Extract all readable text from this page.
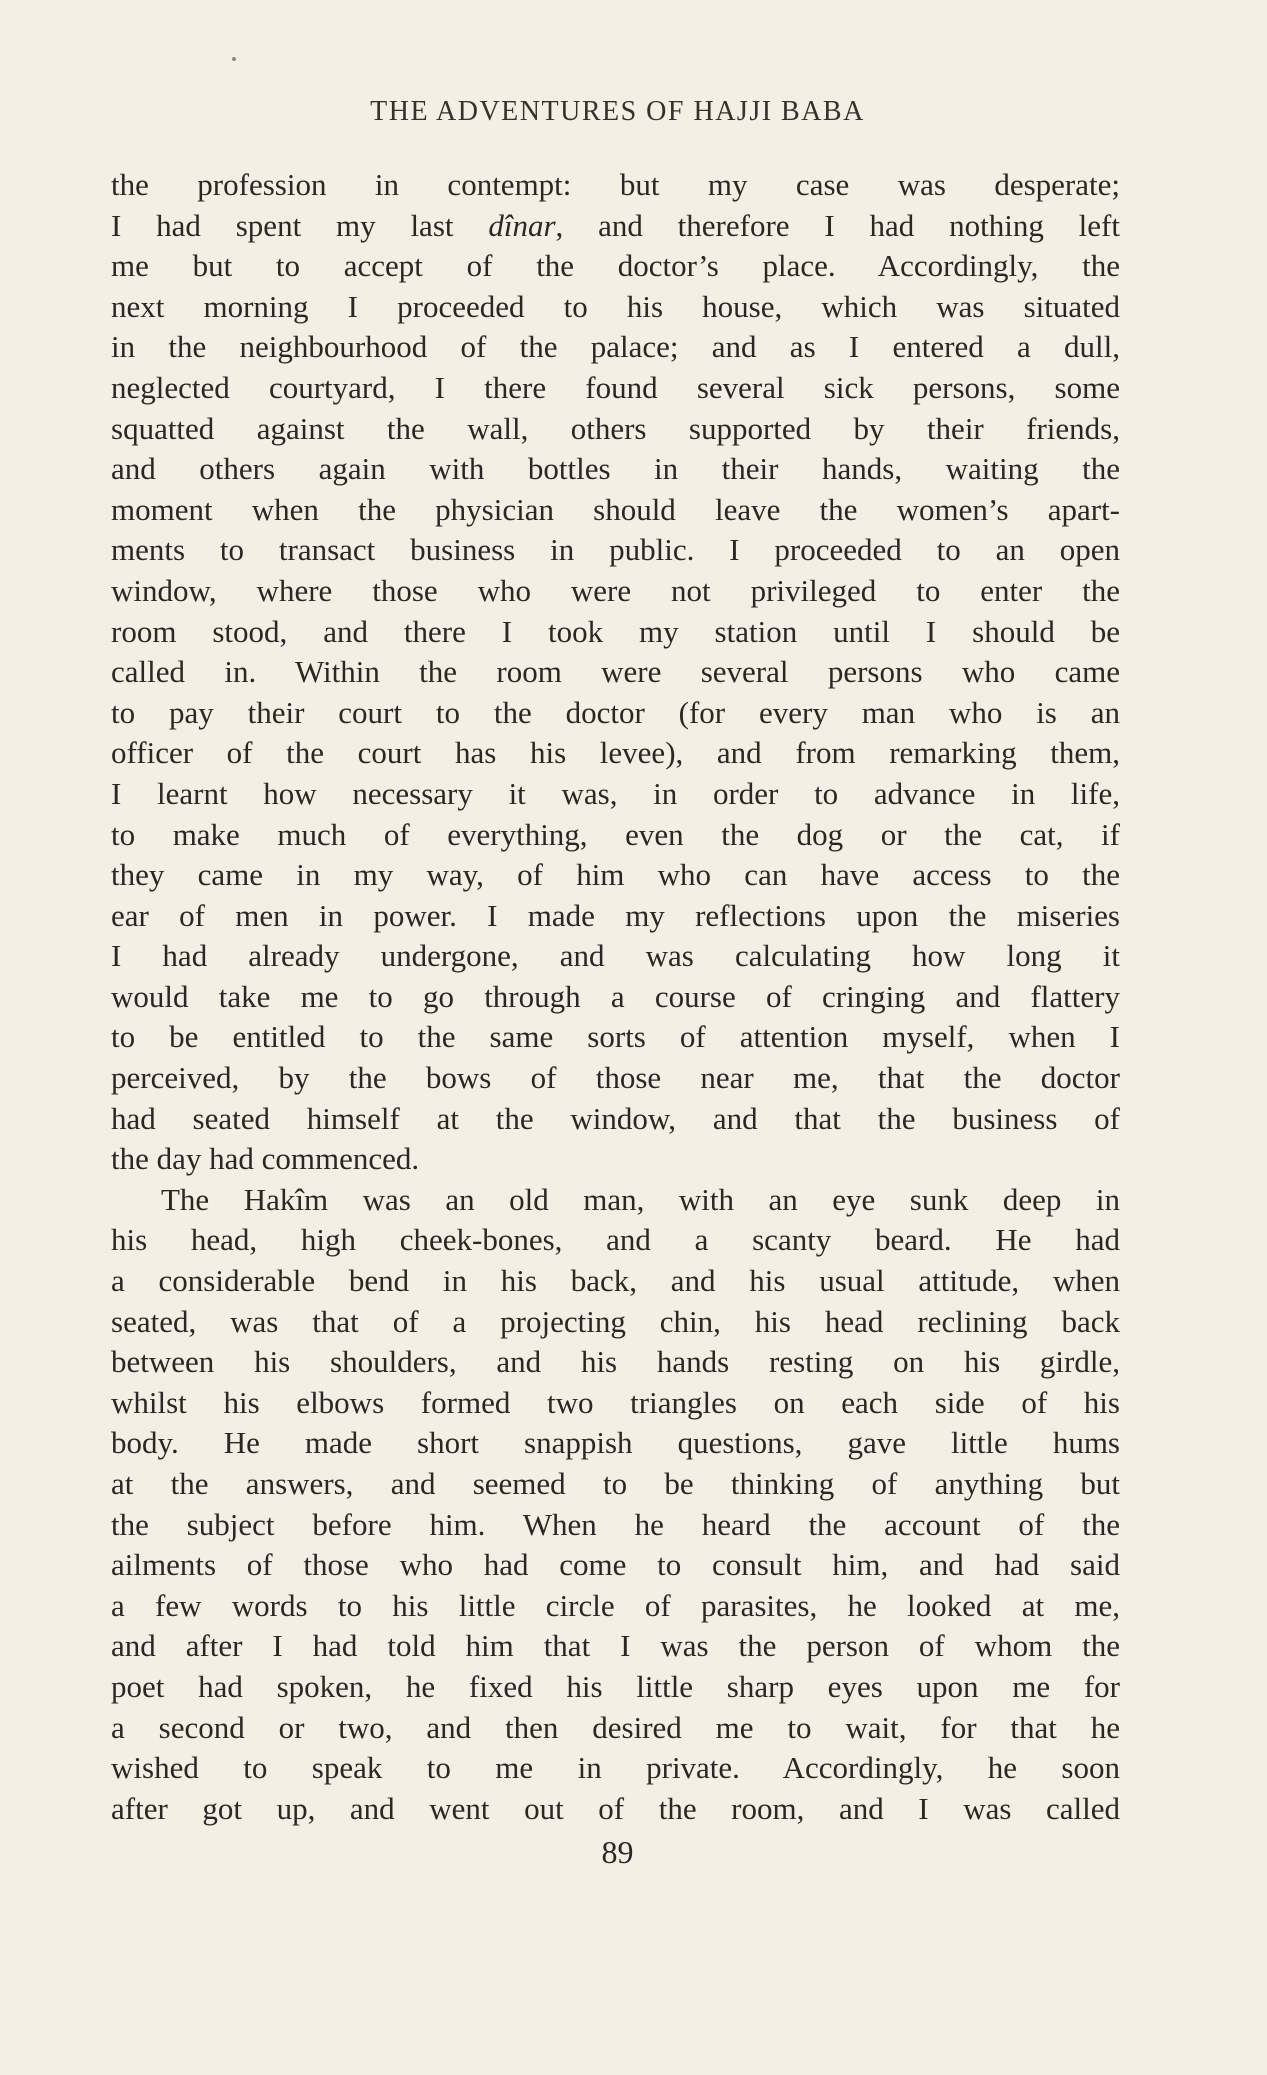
THE ADVENTURES OF HAJJI BABA
the profession in contempt: but my case was desperate;
I had spent my last dînar, and therefore I had nothing left
me but to accept of the doctor’s place. Accordingly, the
next morning I proceeded to his house, which was situated
in the neighbourhood of the palace; and as I entered a dull,
neglected courtyard, I there found several sick persons, some
squatted against the wall, others supported by their friends,
and others again with bottles in their hands, waiting the
moment when the physician should leave the women’s apart-
ments to transact business in public. I proceeded to an open
window, where those who were not privileged to enter the
room stood, and there I took my station until I should be
called in. Within the room were several persons who came
to pay their court to the doctor (for every man who is an
officer of the court has his levee), and from remarking them,
I learnt how necessary it was, in order to advance in life,
to make much of everything, even the dog or the cat, if
they came in my way, of him who can have access to the
ear of men in power. I made my reflections upon the miseries
I had already undergone, and was calculating how long it
would take me to go through a course of cringing and flattery
to be entitled to the same sorts of attention myself, when I
perceived, by the bows of those near me, that the doctor
had seated himself at the window, and that the business of
the day had commenced.
The Hakîm was an old man, with an eye sunk deep in
his head, high cheek-bones, and a scanty beard. He had
a considerable bend in his back, and his usual attitude, when
seated, was that of a projecting chin, his head reclining back
between his shoulders, and his hands resting on his girdle,
whilst his elbows formed two triangles on each side of his
body. He made short snappish questions, gave little hums
at the answers, and seemed to be thinking of anything but
the subject before him. When he heard the account of the
ailments of those who had come to consult him, and had said
a few words to his little circle of parasites, he looked at me,
and after I had told him that I was the person of whom the
poet had spoken, he fixed his little sharp eyes upon me for
a second or two, and then desired me to wait, for that he
wished to speak to me in private. Accordingly, he soon
after got up, and went out of the room, and I was called
89
